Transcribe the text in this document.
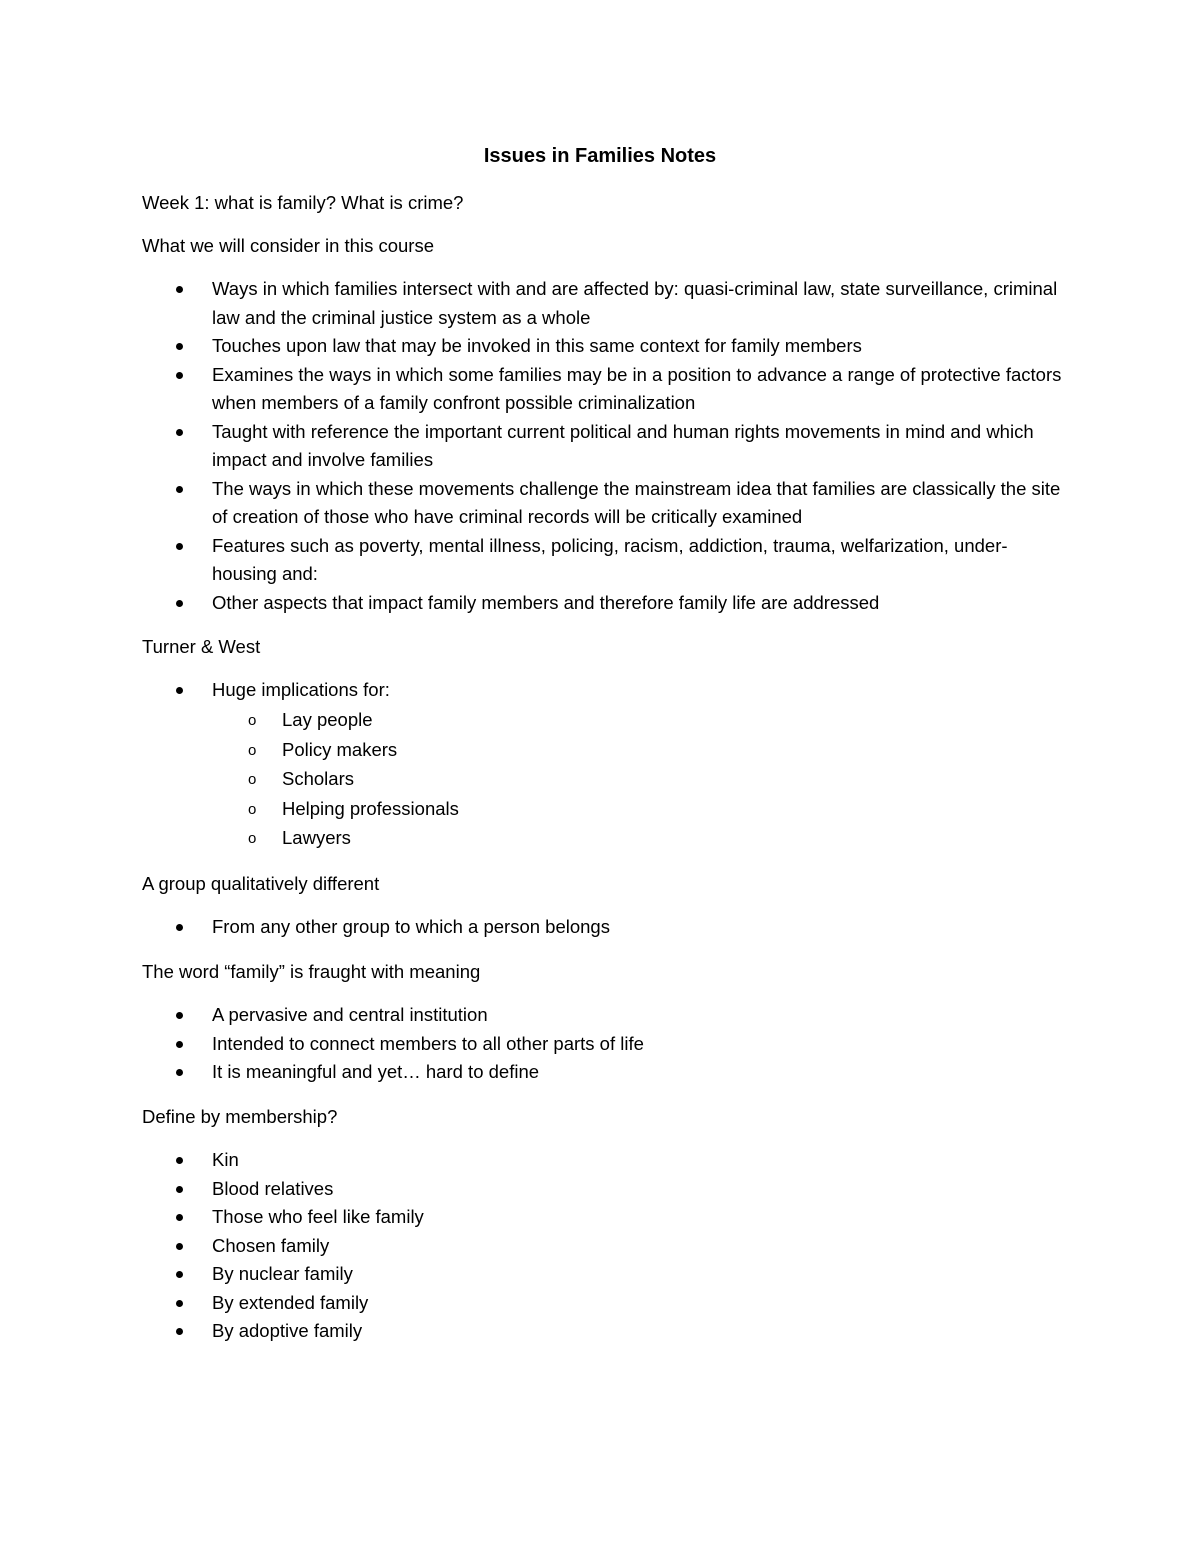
Issues in Families Notes
Week 1: what is family? What is crime?
What we will consider in this course
Ways in which families intersect with and are affected by: quasi-criminal law, state surveillance, criminal law and the criminal justice system as a whole
Touches upon law that may be invoked in this same context for family members
Examines the ways in which some families may be in a position to advance a range of protective factors when members of a family confront possible criminalization
Taught with reference the important current political and human rights movements in mind and which impact and involve families
The ways in which these movements challenge the mainstream idea that families are classically the site of creation of those who have criminal records will be critically examined
Features such as poverty, mental illness, policing, racism, addiction, trauma, welfarization, under-housing and:
Other aspects that impact family members and therefore family life are addressed
Turner & West
Huge implications for:
o Lay people
o Policy makers
o Scholars
o Helping professionals
o Lawyers
A group qualitatively different
From any other group to which a person belongs
The word “family” is fraught with meaning
A pervasive and central institution
Intended to connect members to all other parts of life
It is meaningful and yet… hard to define
Define by membership?
Kin
Blood relatives
Those who feel like family
Chosen family
By nuclear family
By extended family
By adoptive family
